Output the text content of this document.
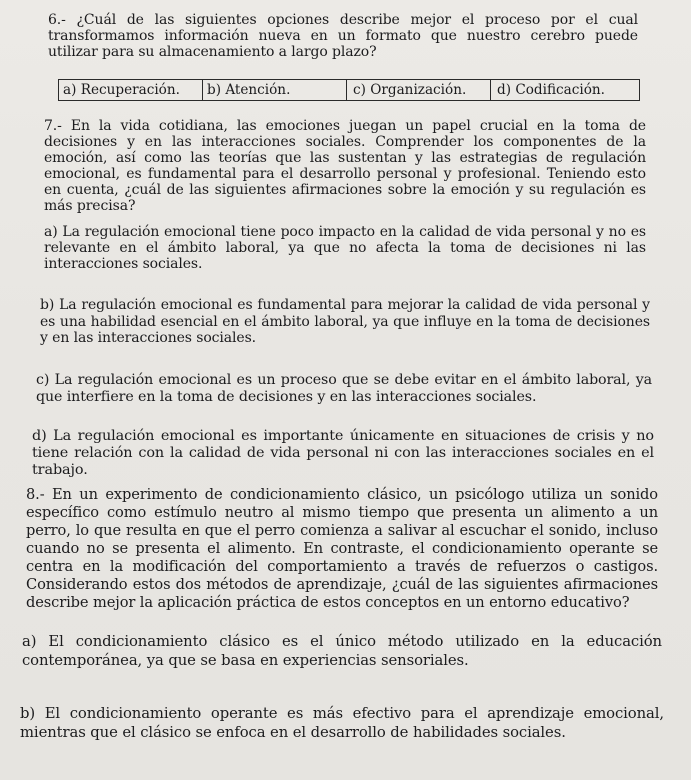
6.- ¿Cuál de las siguientes opciones describe mejor el proceso por el cual transformamos información nueva en un formato que nuestro cerebro puede utilizar para su almacenamiento a largo plazo?
a) Recuperación.	b) Atención.	c) Organización.	d) Codificación.
7.- En la vida cotidiana, las emociones juegan un papel crucial en la toma de decisiones y en las interacciones sociales. Comprender los componentes de la emoción, así como las teorías que las sustentan y las estrategias de regulación emocional, es fundamental para el desarrollo personal y profesional. Teniendo esto en cuenta, ¿cuál de las siguientes afirmaciones sobre la emoción y su regulación es más precisa?
a) La regulación emocional tiene poco impacto en la calidad de vida personal y no es relevante en el ámbito laboral, ya que no afecta la toma de decisiones ni las interacciones sociales.
b) La regulación emocional es fundamental para mejorar la calidad de vida personal y es una habilidad esencial en el ámbito laboral, ya que influye en la toma de decisiones y en las interacciones sociales.
c) La regulación emocional es un proceso que se debe evitar en el ámbito laboral, ya que interfiere en la toma de decisiones y en las interacciones sociales.
d) La regulación emocional es importante únicamente en situaciones de crisis y no tiene relación con la calidad de vida personal ni con las interacciones sociales en el trabajo.
8.- En un experimento de condicionamiento clásico, un psicólogo utiliza un sonido específico como estímulo neutro al mismo tiempo que presenta un alimento a un perro, lo que resulta en que el perro comienza a salivar al escuchar el sonido, incluso cuando no se presenta el alimento. En contraste, el condicionamiento operante se centra en la modificación del comportamiento a través de refuerzos o castigos. Considerando estos dos métodos de aprendizaje, ¿cuál de las siguientes afirmaciones describe mejor la aplicación práctica de estos conceptos en un entorno educativo?
a) El condicionamiento clásico es el único método utilizado en la educación contemporánea, ya que se basa en experiencias sensoriales.
b) El condicionamiento operante es más efectivo para el aprendizaje emocional, mientras que el clásico se enfoca en el desarrollo de habilidades sociales.
